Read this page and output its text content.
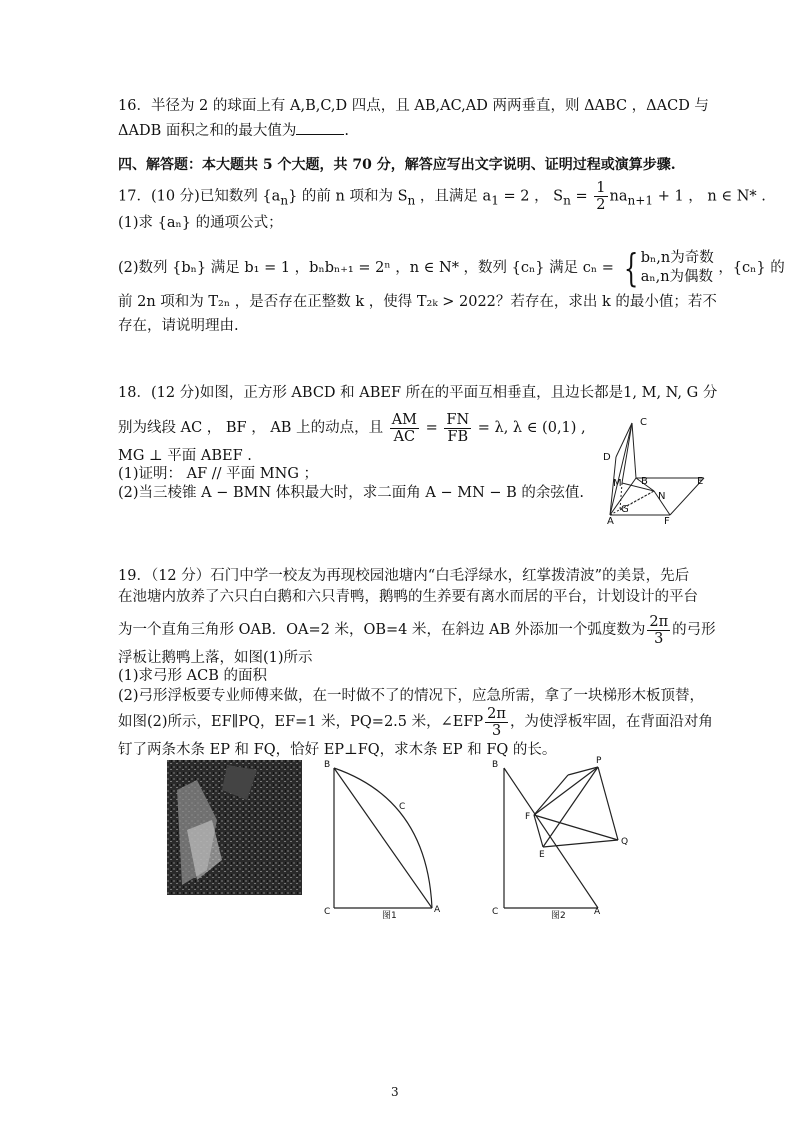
16．半径为 2 的球面上有 A,B,C,D 四点，且 AB,AC,AD 两两垂直，则 ΔABC ，ΔACD 与
ΔADB 面积之和的最大值为	.
四、解答题：本大题共 5 个大题，共 70 分，解答应写出文字说明、证明过程或演算步骤.
17．(10 分)已知数列 $\{a_n\}$ 的前 n 项和为 $S_n$ ，且满足 $a_1 = 2$ ， $S_n = \frac{1}{2} na_{n+1} + 1$ ， n ∈ N* .
(1)求 {aₙ} 的通项公式；
(2)数列 {bₙ} 满足 b₁ = 1 ，bₙbₙ₊₁ = 2ⁿ ，n ∈ N* ，数列 {cₙ} 满足 cₙ = { bₙ,n为奇数
aₙ,n为偶数
，{cₙ} 的
前 2n 项和为 T₂ₙ ，是否存在正整数 k ，使得 T₂ₖ > 2022？若存在，求出 k 的最小值；若不
存在，请说明理由.
18．(12 分)如图，正方形 ABCD 和 ABEF 所在的平面互相垂直，且边长都是1, M, N, G 分
别为线段 AC ， BF ， AB 上的动点，且 $\frac{AM}{AC} = \frac{FN}{FB} = \lambda$, λ ∈ (0,1) ,
MG ⊥ 平面 ABEF .
(1)证明： AF // 平面 MNG ；
(2)当三棱锥 A − BMN 体积最大时，求二面角 A − MN − B 的余弦值.
C
D
M B	E
N
G
A	F
19．（12 分）石门中学一校友为再现校园池塘内“白毛浮绿水，红掌拨清波”的美景，先后
在池塘内放养了六只白白鹅和六只青鸭，鹅鸭的生养要有离水而居的平台，计划设计的平台
为一个直角三角形 OAB．OA=2 米，OB=4 米，在斜边 AB 外添加一个弧度数为 $\frac{2\pi}{3}$ 的弓形
浮板让鹅鸭上落，如图(1)所示
(1)求弓形 ACB 的面积
(2)弓形浮板要专业师傅来做，在一时做不了的情况下，应急所需，拿了一块梯形木板顶替，
如图(2)所示，EF∥PQ，EF=1 米，PQ=2.5 米，∠EFP $\frac{2\pi}{3}$ ，为使浮板牢固，在背面沿对角
钉了两条木条 EP 和 FQ，恰好 EP⊥FQ，求木条 EP 和 FQ 的长。
B
C
C
A
图1
B	P
F
Q
E
C	A
图2
3
